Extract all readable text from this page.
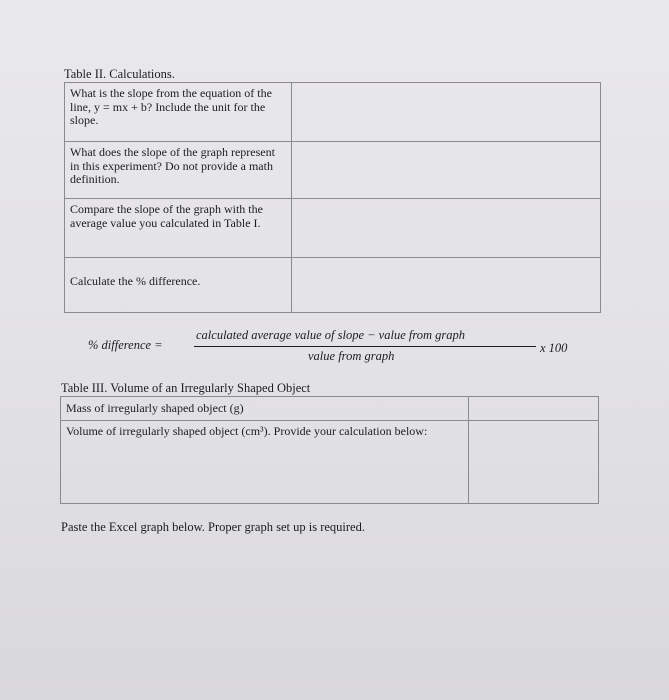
Table II. Calculations.
What is the slope from the equation of the line, y = mx + b? Include the unit for the slope.	
What does the slope of the graph represent in this experiment? Do not provide a math definition.	
Compare the slope of the graph with the average value you calculated in Table I.	
Calculate the % difference.	
% difference =
calculated average value of slope − value from graph
value from graph
x 100
Table III. Volume of an Irregularly Shaped Object
Mass of irregularly shaped object (g)	
Volume of irregularly shaped object (cm³). Provide your calculation below:	
Paste the Excel graph below. Proper graph set up is required.
